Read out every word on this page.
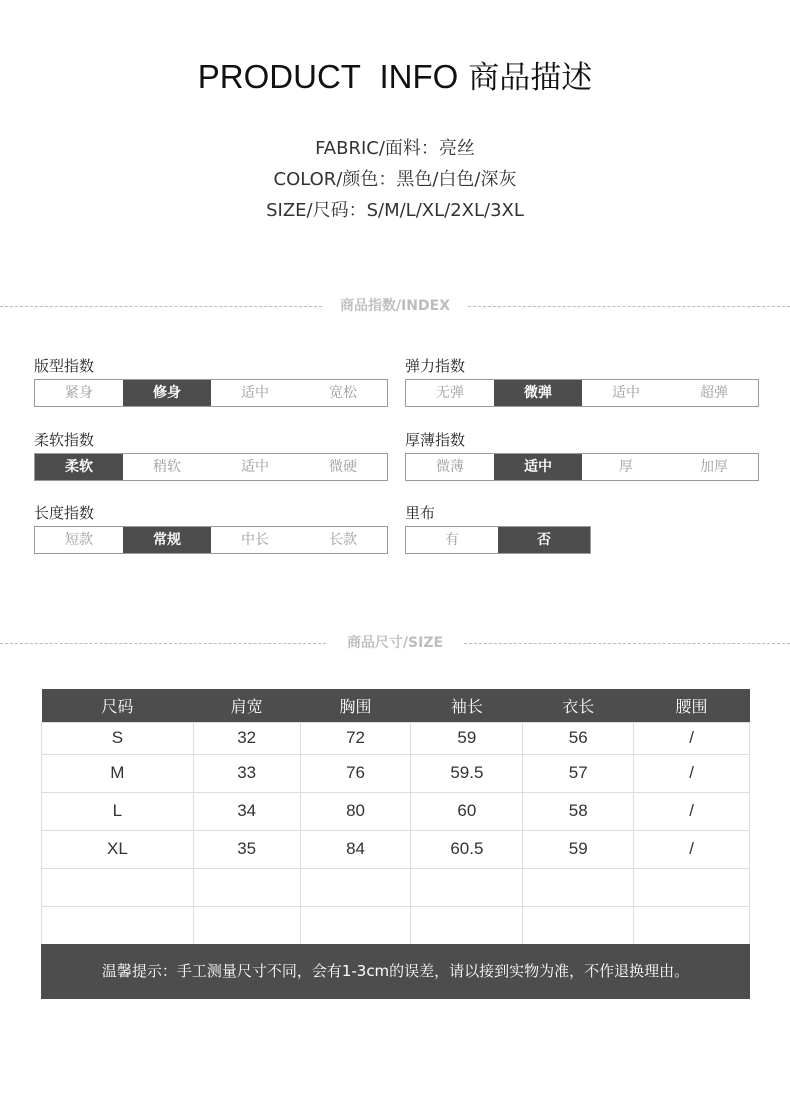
PRODUCT INFO 商品描述
FABRIC/面料：亮丝
COLOR/颜色：黑色/白色/深灰
SIZE/尺码：S/M/L/XL/2XL/3XL
商品指数/INDEX
版型指数
紧身	修身	适中	宽松
弹力指数
无弹	微弹	适中	超弹
柔软指数
柔软	稍软	适中	微硬
厚薄指数
微薄	适中	厚	加厚
长度指数
短款	常规	中长	长款
里布
有	否
商品尺寸/SIZE
尺码	肩宽	胸围	袖长	衣长	腰围
S	32	72	59	56	/
M	33	76	59.5	57	/
L	34	80	60	58	/
XL	35	84	60.5	59	/

温馨提示：手工测量尺寸不同，会有1-3cm的误差，请以接到实物为准，不作退换理由。
